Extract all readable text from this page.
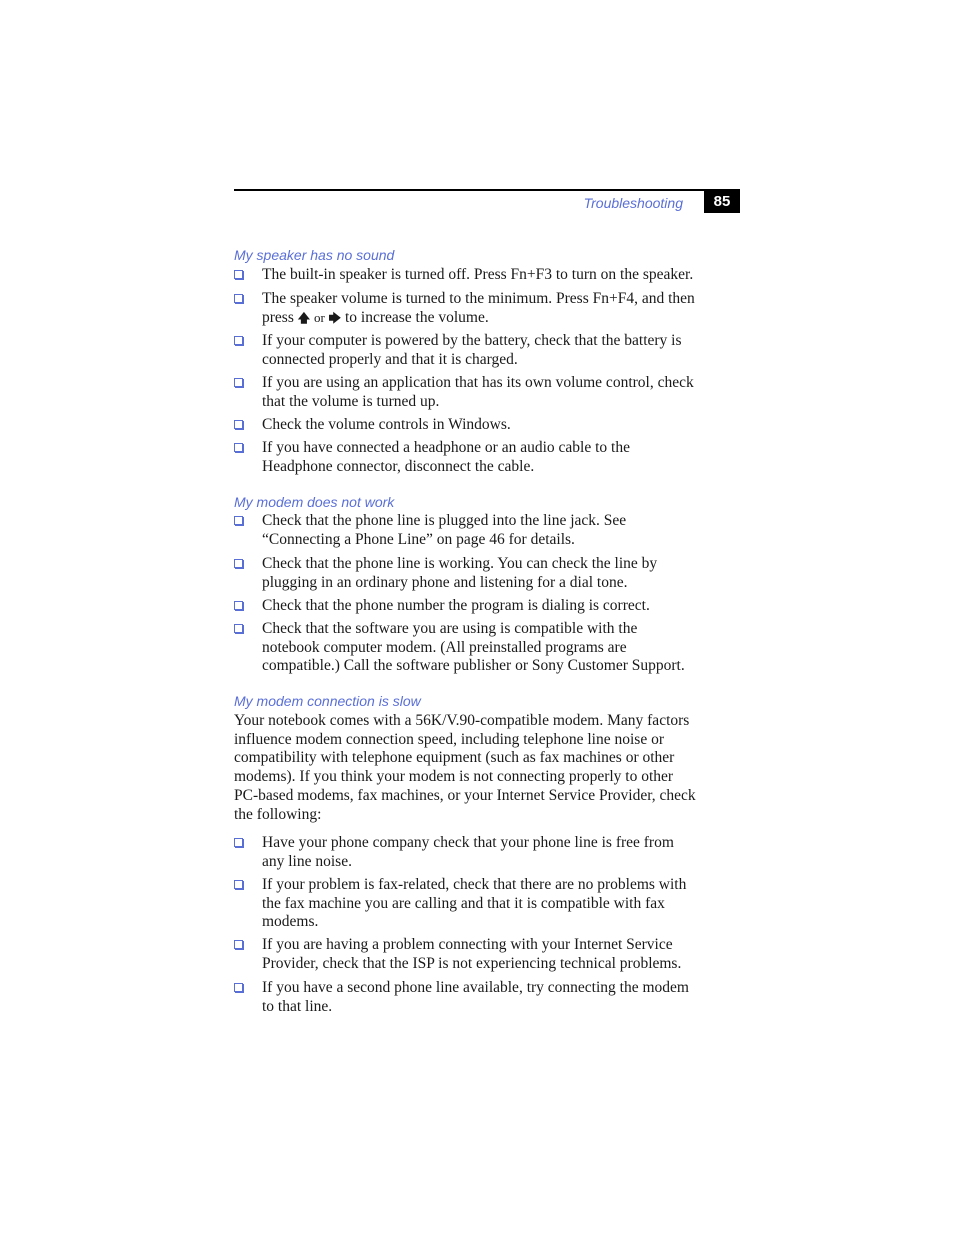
Troubleshooting	85
My speaker has no sound
The built-in speaker is turned off. Press Fn+F3 to turn on the speaker.
The speaker volume is turned to the minimum. Press Fn+F4, and then
press 🡅 or 🡆 to increase the volume.
If your computer is powered by the battery, check that the battery is
connected properly and that it is charged.
If you are using an application that has its own volume control, check
that the volume is turned up.
Check the volume controls in Windows.
If you have connected a headphone or an audio cable to the
Headphone connector, disconnect the cable.
My modem does not work
Check that the phone line is plugged into the line jack. See
“Connecting a Phone Line” on page 46 for details.
Check that the phone line is working. You can check the line by
plugging in an ordinary phone and listening for a dial tone.
Check that the phone number the program is dialing is correct.
Check that the software you are using is compatible with the
notebook computer modem. (All preinstalled programs are
compatible.) Call the software publisher or Sony Customer Support.
My modem connection is slow
Your notebook comes with a 56K/V.90-compatible modem. Many factors
influence modem connection speed, including telephone line noise or
compatibility with telephone equipment (such as fax machines or other
modems). If you think your modem is not connecting properly to other
PC-based modems, fax machines, or your Internet Service Provider, check
the following:
Have your phone company check that your phone line is free from
any line noise.
If your problem is fax-related, check that there are no problems with
the fax machine you are calling and that it is compatible with fax
modems.
If you are having a problem connecting with your Internet Service
Provider, check that the ISP is not experiencing technical problems.
If you have a second phone line available, try connecting the modem
to that line.
